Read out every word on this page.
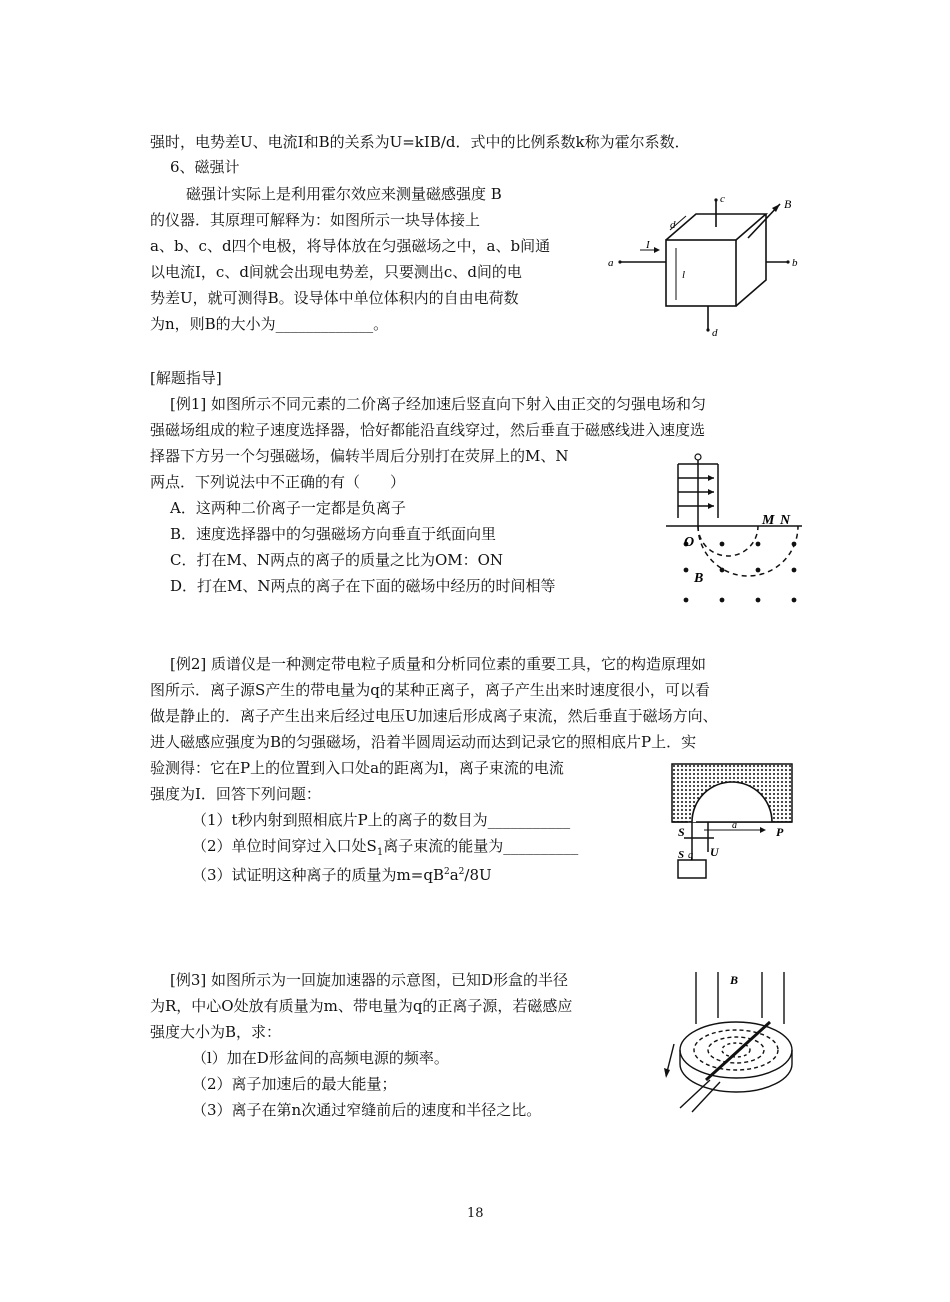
强时，电势差U、电流I和B的关系为U=kIB/d．式中的比例系数k称为霍尔系数．
6、磁强计
磁强计实际上是利用霍尔效应来测量磁感强度 B
的仪器．其原理可解释为：如图所示一块导体接上
a、b、c、d四个电极，将导体放在匀强磁场之中，a、b间通
以电流I，c、d间就会出现电势差，只要测出c、d间的电
势差U，就可测得B。设导体中单位体积内的自由电荷数
为n，则B的大小为_____________。
c	B
d
I
a
l
b
d
[解题指导]
[例1] 如图所示不同元素的二价离子经加速后竖直向下射入由正交的匀强电场和匀
强磁场组成的粒子速度选择器，恰好都能沿直线穿过，然后垂直于磁感线进入速度选
择器下方另一个匀强磁场，偏转半周后分别打在荧屏上的M、N
两点．下列说法中不正确的有（　　）
A．这两种二价离子一定都是负离子
B．速度选择器中的匀强磁场方向垂直于纸面向里
C．打在M、N两点的离子的质量之比为OM：ON
D．打在M、N两点的离子在下面的磁场中经历的时间相等
M N
O
B
[例2] 质谱仪是一种测定带电粒子质量和分析同位素的重要工具，它的构造原理如
图所示．离子源S产生的带电量为q的某种正离子，离子产生出来时速度很小，可以看
做是静止的．离子产生出来后经过电压U加速后形成离子束流，然后垂直于磁场方向、
进人磁感应强度为B的匀强磁场，沿着半圆周运动而达到记录它的照相底片P上．实
验测得：它在P上的位置到入口处a的距离为l，离子束流的电流
强度为I．回答下列问题：
（1）t秒内射到照相底片P上的离子的数目为___________
（2）单位时间穿过入口处$S_1$离子束流的能量为__________
（3）试证明这种离子的质量为$m=qB^2a^2/8U$
S	a	P
S q U
[例3] 如图所示为一回旋加速器的示意图，已知D形盒的半径
为R，中心O处放有质量为m、带电量为q的正离子源，若磁感应
强度大小为B，求：
（l）加在D形盆间的高频电源的频率。
（2）离子加速后的最大能量；
（3）离子在第n次通过窄缝前后的速度和半径之比。
B
18
